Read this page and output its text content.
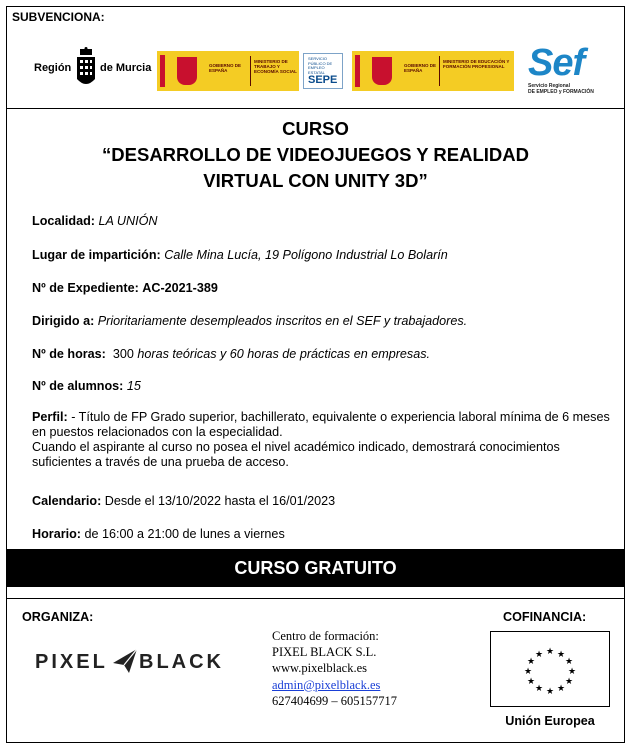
SUBVENCIONA:
Región	de Murcia	GOBIERNO DE ESPAÑA
MINISTERIO DE TRABAJO Y ECONOMÍA SOCIAL
SERVICIO PÚBLICO DE EMPLEO ESTATAL
SEPE
GOBIERNO DE ESPAÑA
MINISTERIO DE EDUCACIÓN Y FORMACIÓN PROFESIONAL Sef
Servicio Regional
DE EMPLEO y FORMACIÓN
CURSO
“DESARROLLO DE VIDEOJUEGOS Y REALIDAD
VIRTUAL CON UNITY 3D”
Localidad: LA UNIÓN
Lugar de impartición: Calle Mina Lucía, 19 Polígono Industrial Lo Bolarín
Nº de Expediente: AC-2021-389
Dirigido a: Prioritariamente desempleados inscritos en el SEF y trabajadores.
Nº de horas: 300 horas teóricas y 60 horas de prácticas en empresas.
Nº de alumnos: 15
Perfil: - Título de FP Grado superior, bachillerato, equivalente o experiencia laboral mínima de 6 meses en puestos relacionados con la especialidad.
Cuando el aspirante al curso no posea el nivel académico indicado, demostrará conocimientos suficientes a través de una prueba de acceso.
Calendario: Desde el 13/10/2022 hasta el 16/01/2023
Horario: de 16:00 a 21:00 de lunes a viernes
CURSO GRATUITO
ORGANIZA:	COFINANCIA:
PIXEL BLACK
Centro de formación:
PIXEL BLACK S.L.
www.pixelblack.es
admin@pixelblack.es
627404699 – 605157717
★ ★
★
★
★
★
★
★
★
★
★
★
Unión Europea
